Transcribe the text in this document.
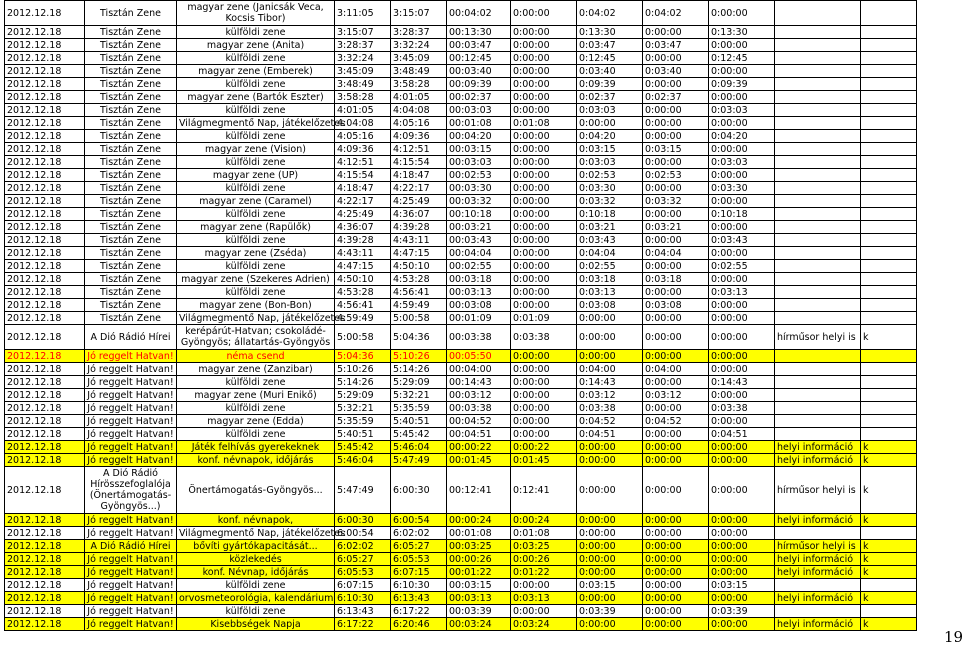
2012.12.18	Tisztán Zene	magyar zene (Janicsák Veca, Kocsis Tibor)	3:11:05	3:15:07	00:04:02	0:00:00	0:04:02	0:04:02	0:00:00		
2012.12.18	Tisztán Zene	külföldi zene	3:15:07	3:28:37	00:13:30	0:00:00	0:13:30	0:00:00	0:13:30		
2012.12.18	Tisztán Zene	magyar zene (Anita)	3:28:37	3:32:24	00:03:47	0:00:00	0:03:47	0:03:47	0:00:00		
2012.12.18	Tisztán Zene	külföldi zene	3:32:24	3:45:09	00:12:45	0:00:00	0:12:45	0:00:00	0:12:45		
2012.12.18	Tisztán Zene	magyar zene (Emberek)	3:45:09	3:48:49	00:03:40	0:00:00	0:03:40	0:03:40	0:00:00		
2012.12.18	Tisztán Zene	külföldi zene	3:48:49	3:58:28	00:09:39	0:00:00	0:09:39	0:00:00	0:09:39		
2012.12.18	Tisztán Zene	magyar zene (Bartók Eszter)	3:58:28	4:01:05	00:02:37	0:00:00	0:02:37	0:02:37	0:00:00		
2012.12.18	Tisztán Zene	külföldi zene	4:01:05	4:04:08	00:03:03	0:00:00	0:03:03	0:00:00	0:03:03		
2012.12.18	Tisztán Zene	Világmegmentő Nap, játékelőzetes	4:04:08	4:05:16	00:01:08	0:01:08	0:00:00	0:00:00	0:00:00		
2012.12.18	Tisztán Zene	külföldi zene	4:05:16	4:09:36	00:04:20	0:00:00	0:04:20	0:00:00	0:04:20		
2012.12.18	Tisztán Zene	magyar zene (Vision)	4:09:36	4:12:51	00:03:15	0:00:00	0:03:15	0:03:15	0:00:00		
2012.12.18	Tisztán Zene	külföldi zene	4:12:51	4:15:54	00:03:03	0:00:00	0:03:03	0:00:00	0:03:03		
2012.12.18	Tisztán Zene	magyar zene (UP)	4:15:54	4:18:47	00:02:53	0:00:00	0:02:53	0:02:53	0:00:00		
2012.12.18	Tisztán Zene	külföldi zene	4:18:47	4:22:17	00:03:30	0:00:00	0:03:30	0:00:00	0:03:30		
2012.12.18	Tisztán Zene	magyar zene (Caramel)	4:22:17	4:25:49	00:03:32	0:00:00	0:03:32	0:03:32	0:00:00		
2012.12.18	Tisztán Zene	külföldi zene	4:25:49	4:36:07	00:10:18	0:00:00	0:10:18	0:00:00	0:10:18		
2012.12.18	Tisztán Zene	magyar zene (Rapülők)	4:36:07	4:39:28	00:03:21	0:00:00	0:03:21	0:03:21	0:00:00		
2012.12.18	Tisztán Zene	külföldi zene	4:39:28	4:43:11	00:03:43	0:00:00	0:03:43	0:00:00	0:03:43		
2012.12.18	Tisztán Zene	magyar zene (Zséda)	4:43:11	4:47:15	00:04:04	0:00:00	0:04:04	0:04:04	0:00:00		
2012.12.18	Tisztán Zene	külföldi zene	4:47:15	4:50:10	00:02:55	0:00:00	0:02:55	0:00:00	0:02:55		
2012.12.18	Tisztán Zene	magyar zene (Szekeres Adrien)	4:50:10	4:53:28	00:03:18	0:00:00	0:03:18	0:03:18	0:00:00		
2012.12.18	Tisztán Zene	külföldi zene	4:53:28	4:56:41	00:03:13	0:00:00	0:03:13	0:00:00	0:03:13		
2012.12.18	Tisztán Zene	magyar zene (Bon-Bon)	4:56:41	4:59:49	00:03:08	0:00:00	0:03:08	0:03:08	0:00:00		
2012.12.18	Tisztán Zene	Világmegmentő Nap, játékelőzetes	4:59:49	5:00:58	00:01:09	0:01:09	0:00:00	0:00:00	0:00:00		
2012.12.18	A Dió Rádió Hírei	kerépárút-Hatvan; csokoládé-Gyöngyös; állatartás-Gyöngyös	5:00:58	5:04:36	00:03:38	0:03:38	0:00:00	0:00:00	0:00:00	hírműsor helyi is	k
2012.12.18	Jó reggelt Hatvan!	néma csend	5:04:36	5:10:26	00:05:50	0:00:00	0:00:00	0:00:00	0:00:00		
2012.12.18	Jó reggelt Hatvan!	magyar zene (Zanzibar)	5:10:26	5:14:26	00:04:00	0:00:00	0:04:00	0:04:00	0:00:00		
2012.12.18	Jó reggelt Hatvan!	külföldi zene	5:14:26	5:29:09	00:14:43	0:00:00	0:14:43	0:00:00	0:14:43		
2012.12.18	Jó reggelt Hatvan!	magyar zene (Muri Enikő)	5:29:09	5:32:21	00:03:12	0:00:00	0:03:12	0:03:12	0:00:00		
2012.12.18	Jó reggelt Hatvan!	külföldi zene	5:32:21	5:35:59	00:03:38	0:00:00	0:03:38	0:00:00	0:03:38		
2012.12.18	Jó reggelt Hatvan!	magyar zene (Edda)	5:35:59	5:40:51	00:04:52	0:00:00	0:04:52	0:04:52	0:00:00		
2012.12.18	Jó reggelt Hatvan!	külföldi zene	5:40:51	5:45:42	00:04:51	0:00:00	0:04:51	0:00:00	0:04:51		
2012.12.18	Jó reggelt Hatvan!	Játék felhívás gyerekeknek	5:45:42	5:46:04	00:00:22	0:00:22	0:00:00	0:00:00	0:00:00	helyi információ	k
2012.12.18	Jó reggelt Hatvan!	konf. névnapok, időjárás	5:46:04	5:47:49	00:01:45	0:01:45	0:00:00	0:00:00	0:00:00	helyi információ	k
2012.12.18	A Dió Rádió Hírösszefoglalója (Önertámogatás-Gyöngyös...)	Önertámogatás-Gyöngyös...	5:47:49	6:00:30	00:12:41	0:12:41	0:00:00	0:00:00	0:00:00	hírműsor helyi is	k
2012.12.18	Jó reggelt Hatvan!	konf. névnapok,	6:00:30	6:00:54	00:00:24	0:00:24	0:00:00	0:00:00	0:00:00	helyi információ	k
2012.12.18	Jó reggelt Hatvan!	Világmegmentő Nap, játékelőzetes	6:00:54	6:02:02	00:01:08	0:01:08	0:00:00	0:00:00	0:00:00		
2012.12.18	A Dió Rádió Hírei	bővíti gyártókapacitását...	6:02:02	6:05:27	00:03:25	0:03:25	0:00:00	0:00:00	0:00:00	hírműsor helyi is	k
2012.12.18	Jó reggelt Hatvan!	közlekedés	6:05:27	6:05:53	00:00:26	0:00:26	0:00:00	0:00:00	0:00:00	helyi információ	k
2012.12.18	Jó reggelt Hatvan!	konf. Névnap, időjárás	6:05:53	6:07:15	00:01:22	0:01:22	0:00:00	0:00:00	0:00:00	helyi információ	k
2012.12.18	Jó reggelt Hatvan!	külföldi zene	6:07:15	6:10:30	00:03:15	0:00:00	0:03:15	0:00:00	0:03:15		
2012.12.18	Jó reggelt Hatvan!	orvosmeteorológia, kalendárium	6:10:30	6:13:43	00:03:13	0:03:13	0:00:00	0:00:00	0:00:00	helyi információ	k
2012.12.18	Jó reggelt Hatvan!	külföldi zene	6:13:43	6:17:22	00:03:39	0:00:00	0:03:39	0:00:00	0:03:39		
2012.12.18	Jó reggelt Hatvan!	Kisebbségek Napja	6:17:22	6:20:46	00:03:24	0:03:24	0:00:00	0:00:00	0:00:00	helyi információ	k
19
